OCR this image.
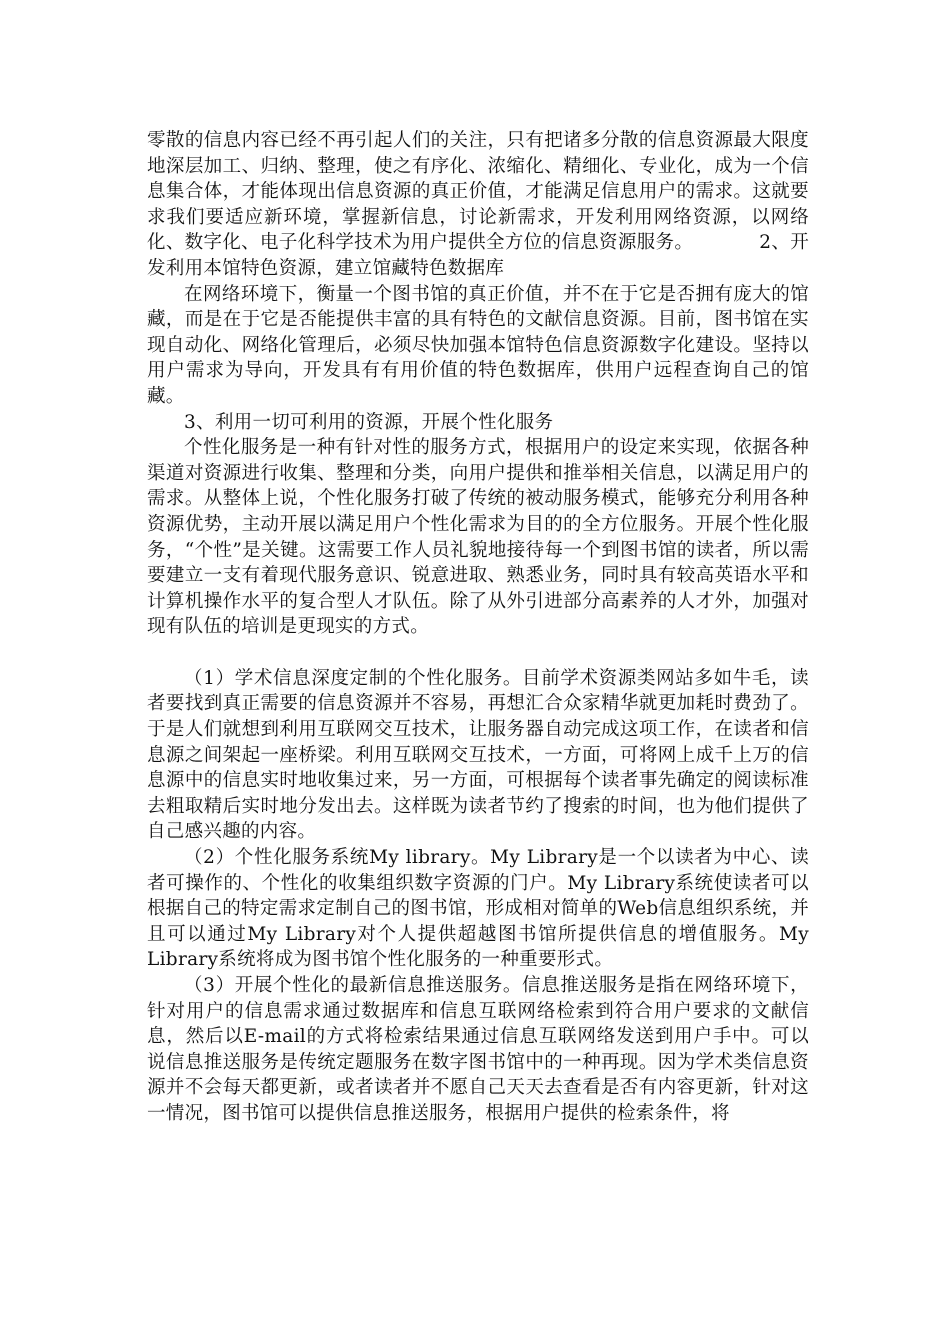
零散的信息内容已经不再引起人们的关注，只有把诸多分散的信息资源最大限度地深层加工、归纳、整理，使之有序化、浓缩化、精细化、专业化，成为一个信息集合体，才能体现出信息资源的真正价值，才能满足信息用户的需求。这就要求我们要适应新环境，掌握新信息，讨论新需求，开发利用网络资源，以网络化、数字化、电子化科学技术为用户提供全方位的信息资源服务。　　　　2、开发利用本馆特色资源，建立馆藏特色数据库

在网络环境下，衡量一个图书馆的真正价值，并不在于它是否拥有庞大的馆藏，而是在于它是否能提供丰富的具有特色的文献信息资源。目前，图书馆在实现自动化、网络化管理后，必须尽快加强本馆特色信息资源数字化建设。坚持以用户需求为导向，开发具有有用价值的特色数据库，供用户远程查询自己的馆藏。

3、利用一切可利用的资源，开展个性化服务

个性化服务是一种有针对性的服务方式，根据用户的设定来实现，依据各种渠道对资源进行收集、整理和分类，向用户提供和推举相关信息，以满足用户的需求。从整体上说，个性化服务打破了传统的被动服务模式，能够充分利用各种资源优势，主动开展以满足用户个性化需求为目的的全方位服务。开展个性化服务，“个性”是关键。这需要工作人员礼貌地接待每一个到图书馆的读者，所以需要建立一支有着现代服务意识、锐意进取、熟悉业务，同时具有较高英语水平和计算机操作水平的复合型人才队伍。除了从外引进部分高素养的人才外，加强对现有队伍的培训是更现实的方式。

（1）学术信息深度定制的个性化服务。目前学术资源类网站多如牛毛，读者要找到真正需要的信息资源并不容易，再想汇合众家精华就更加耗时费劲了。于是人们就想到利用互联网交互技术，让服务器自动完成这项工作，在读者和信息源之间架起一座桥梁。利用互联网交互技术，一方面，可将网上成千上万的信息源中的信息实时地收集过来，另一方面，可根据每个读者事先确定的阅读标准去粗取精后实时地分发出去。这样既为读者节约了搜索的时间，也为他们提供了自己感兴趣的内容。

（2）个性化服务系统My library。My Library是一个以读者为中心、读者可操作的、个性化的收集组织数字资源的门户。My Library系统使读者可以根据自己的特定需求定制自己的图书馆，形成相对简单的Web信息组织系统，并且可以通过My Library对个人提供超越图书馆所提供信息的增值服务。My Library系统将成为图书馆个性化服务的一种重要形式。

（3）开展个性化的最新信息推送服务。信息推送服务是指在网络环境下，针对用户的信息需求通过数据库和信息互联网络检索到符合用户要求的文献信息，然后以E-mail的方式将检索结果通过信息互联网络发送到用户手中。可以说信息推送服务是传统定题服务在数字图书馆中的一种再现。因为学术类信息资源并不会每天都更新，或者读者并不愿自己天天去查看是否有内容更新，针对这一情况，图书馆可以提供信息推送服务，根据用户提供的检索条件，将
